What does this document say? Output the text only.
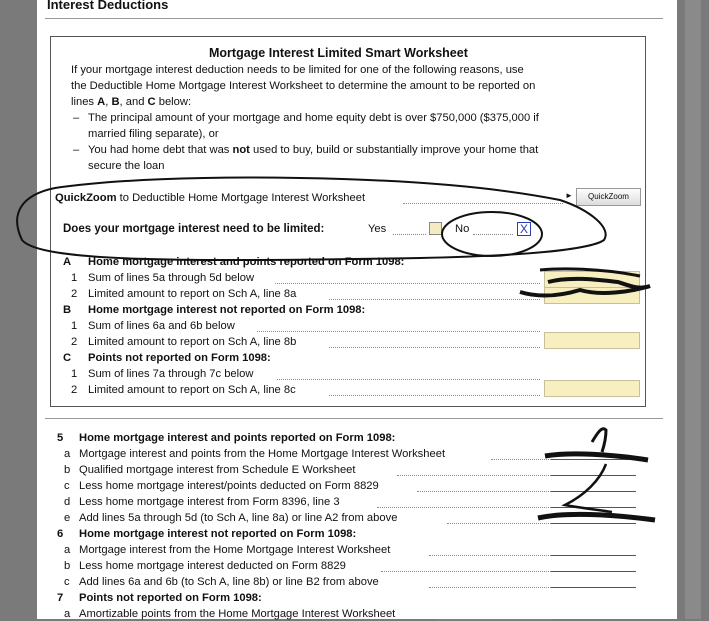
Interest Deductions
Mortgage Interest Limited Smart Worksheet
If your mortgage interest deduction needs to be limited for one of the following reasons, use
the Deductible Home Mortgage Interest Worksheet to determine the amount to be reported on
lines A, B, and C below:
– The principal amount of your mortgage and home equity debt is over $750,000 ($375,000 if
married filing separate), or
– You had home debt that was not used to buy, build or substantially improve your home that
secure the loan
QuickZoom to Deductible Home Mortgage Interest Worksheet	►	QuickZoom
Does your mortgage interest need to be limited:	Yes	No	X
A Home mortgage interest and points reported on Form 1098:
1 Sum of lines 5a through 5d below
2 Limited amount to report on Sch A, line 8a
B Home mortgage interest not reported on Form 1098:
1 Sum of lines 6a and 6b below
2 Limited amount to report on Sch A, line 8b
C Points not reported on Form 1098:
1 Sum of lines 7a through 7c below
2 Limited amount to report on Sch A, line 8c
5 Home mortgage interest and points reported on Form 1098:
a Mortgage interest and points from the Home Mortgage Interest Worksheet
b Qualified mortgage interest from Schedule E Worksheet
c Less home mortgage interest/points deducted on Form 8829
d Less home mortgage interest from Form 8396, line 3
e Add lines 5a through 5d (to Sch A, line 8a) or line A2 from above
6 Home mortgage interest not reported on Form 1098:
a Mortgage interest from the Home Mortgage Interest Worksheet
b Less home mortgage interest deducted on Form 8829
c Add lines 6a and 6b (to Sch A, line 8b) or line B2 from above
7 Points not reported on Form 1098:
a Amortizable points from the Home Mortgage Interest Worksheet
